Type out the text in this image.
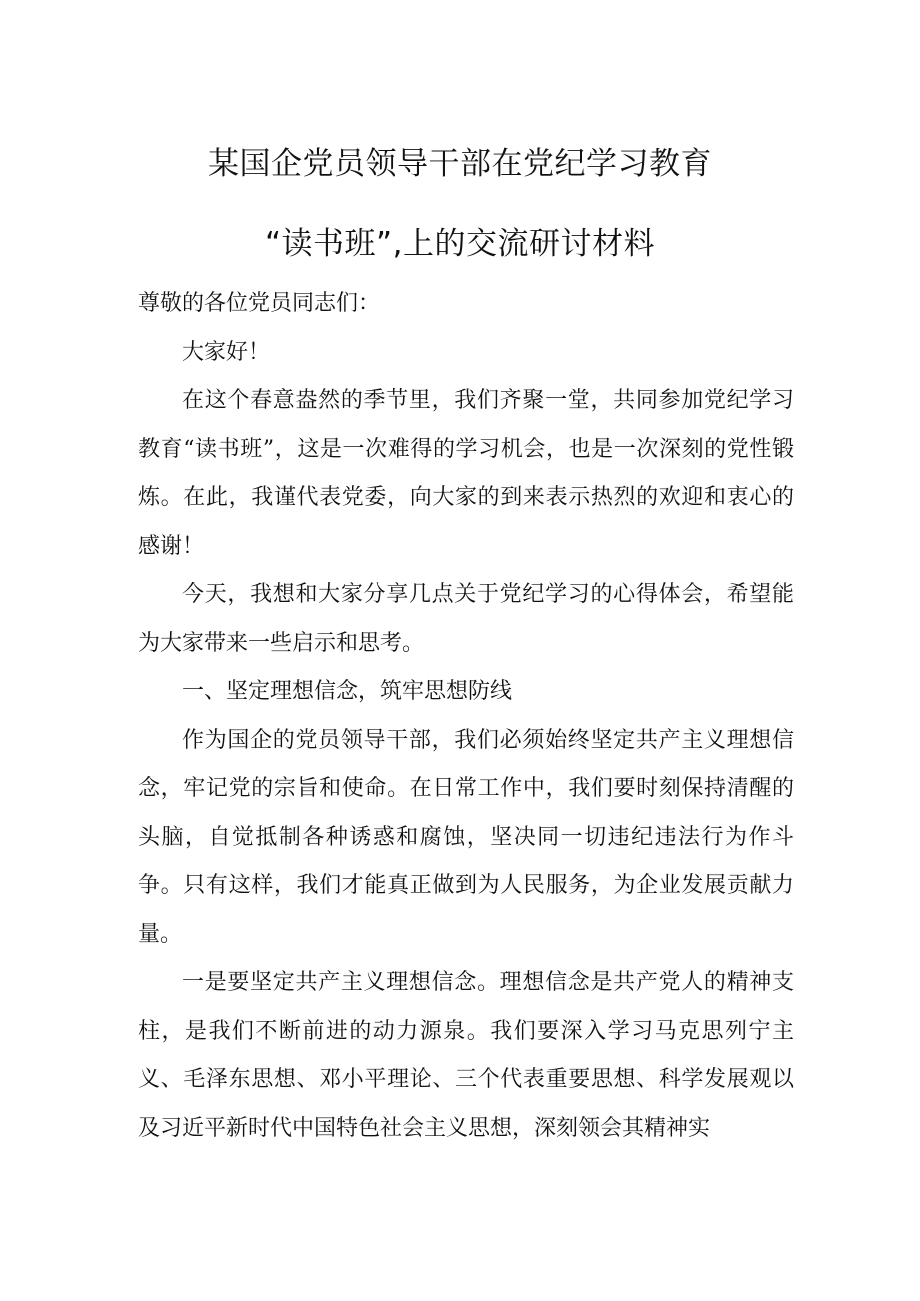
某国企党员领导干部在党纪学习教育
“读书班”,上的交流研讨材料

尊敬的各位党员同志们：

大家好！

在这个春意盎然的季节里，我们齐聚一堂，共同参加党纪学习教育“读书班”，这是一次难得的学习机会，也是一次深刻的党性锻炼。在此，我谨代表党委，向大家的到来表示热烈的欢迎和衷心的感谢！

今天，我想和大家分享几点关于党纪学习的心得体会，希望能为大家带来一些启示和思考。

一、坚定理想信念，筑牢思想防线

作为国企的党员领导干部，我们必须始终坚定共产主义理想信念，牢记党的宗旨和使命。在日常工作中，我们要时刻保持清醒的头脑，自觉抵制各种诱惑和腐蚀，坚决同一切违纪违法行为作斗争。只有这样，我们才能真正做到为人民服务，为企业发展贡献力量。

一是要坚定共产主义理想信念。理想信念是共产党人的精神支柱，是我们不断前进的动力源泉。我们要深入学习马克思列宁主义、毛泽东思想、邓小平理论、三个代表重要思想、科学发展观以及习近平新时代中国特色社会主义思想，深刻领会其精神实
